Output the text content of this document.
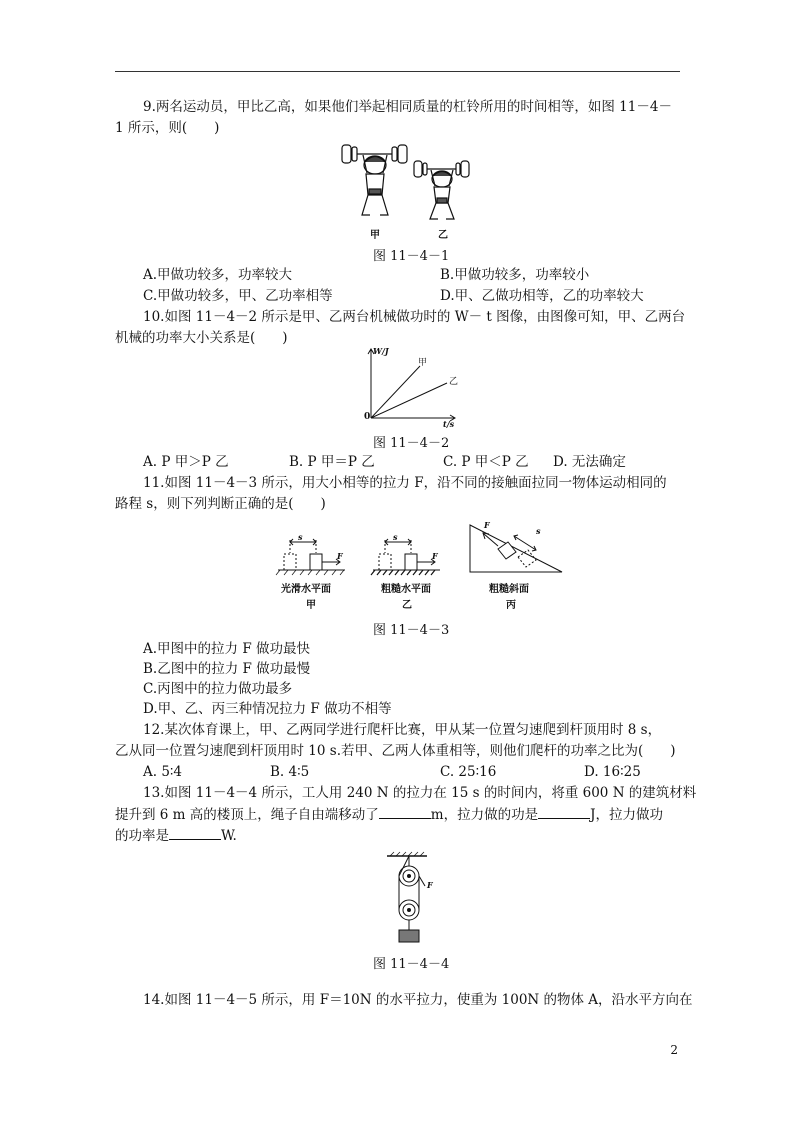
9.两名运动员，甲比乙高，如果他们举起相同质量的杠铃所用的时间相等，如图 11－4－
1 所示，则(　　)
甲	乙
图 11－4－1
A.甲做功较多，功率较大	B.甲做功较多，功率较小
C.甲做功较多，甲、乙功率相等	D.甲、乙做功相等，乙的功率较大
10.如图 11－4－2 所示是甲、乙两台机械做功时的 W－ t 图像，由图像可知，甲、乙两台
机械的功率大小关系是(　　)
W/J
t/s
0
甲
乙
图 11－4－2
A. P 甲＞P 乙	B. P 甲＝P 乙	C. P 甲＜P 乙 D. 无法确定
11.如图 11－4－3 所示，用大小相等的拉力 F，沿不同的接触面拉同一物体运动相同的
路程 s，则下列判断正确的是(　　)
s
F
s
F
s
F
光滑水平面
甲
粗糙水平面
乙
粗糙斜面
丙
图 11－4－3
A.甲图中的拉力 F 做功最快
B.乙图中的拉力 F 做功最慢
C.丙图中的拉力做功最多
D.甲、乙、丙三种情况拉力 F 做功不相等
12.某次体育课上，甲、乙两同学进行爬杆比赛，甲从某一位置匀速爬到杆顶用时 8 s，
乙从同一位置匀速爬到杆顶用时 10 s.若甲、乙两人体重相等，则他们爬杆的功率之比为(　　)
A. 5∶4	B. 4∶5	C. 25∶16	D. 16∶25
13.如图 11－4－4 所示，工人用 240 N 的拉力在 15 s 的时间内，将重 600 N 的建筑材料
提升到 6 m 高的楼顶上，绳子自由端移动了	m，拉力做的功是	J，拉力做功
的功率是	W.
F
图 11－4－4
14.如图 11－4－5 所示，用 F＝10N 的水平拉力，使重为 100N 的物体 A，沿水平方向在
2
